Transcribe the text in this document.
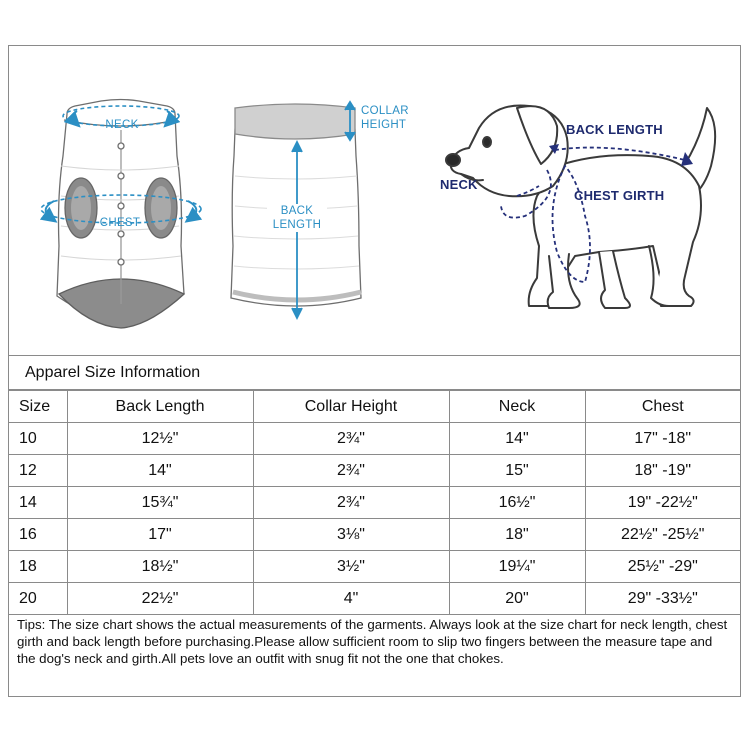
NECK
CHEST
COLLAR
HEIGHT
BACK
LENGTH
BACK LENGTH
NECK
CHEST GIRTH
Apparel Size Information
Size	Back Length	Collar Height	Neck	Chest
10	12½"	2¾"	14"	17" -18"
12	14"	2¾"	15"	18" -19"
14	15¾"	2¾"	16½"	19" -22½"
16	17"	3⅛"	18"	22½" -25½"
18	18½"	3½"	19¼"	25½" -29"
20	22½"	4"	20"	29" -33½"
Tips: The size chart shows the actual measurements of the garments. Always look at the size chart for neck length, chest girth and back length before purchasing.Please allow sufficient room to slip two fingers between the measure tape and the dog's neck and girth.All pets love an outfit with snug fit not the one that chokes.
